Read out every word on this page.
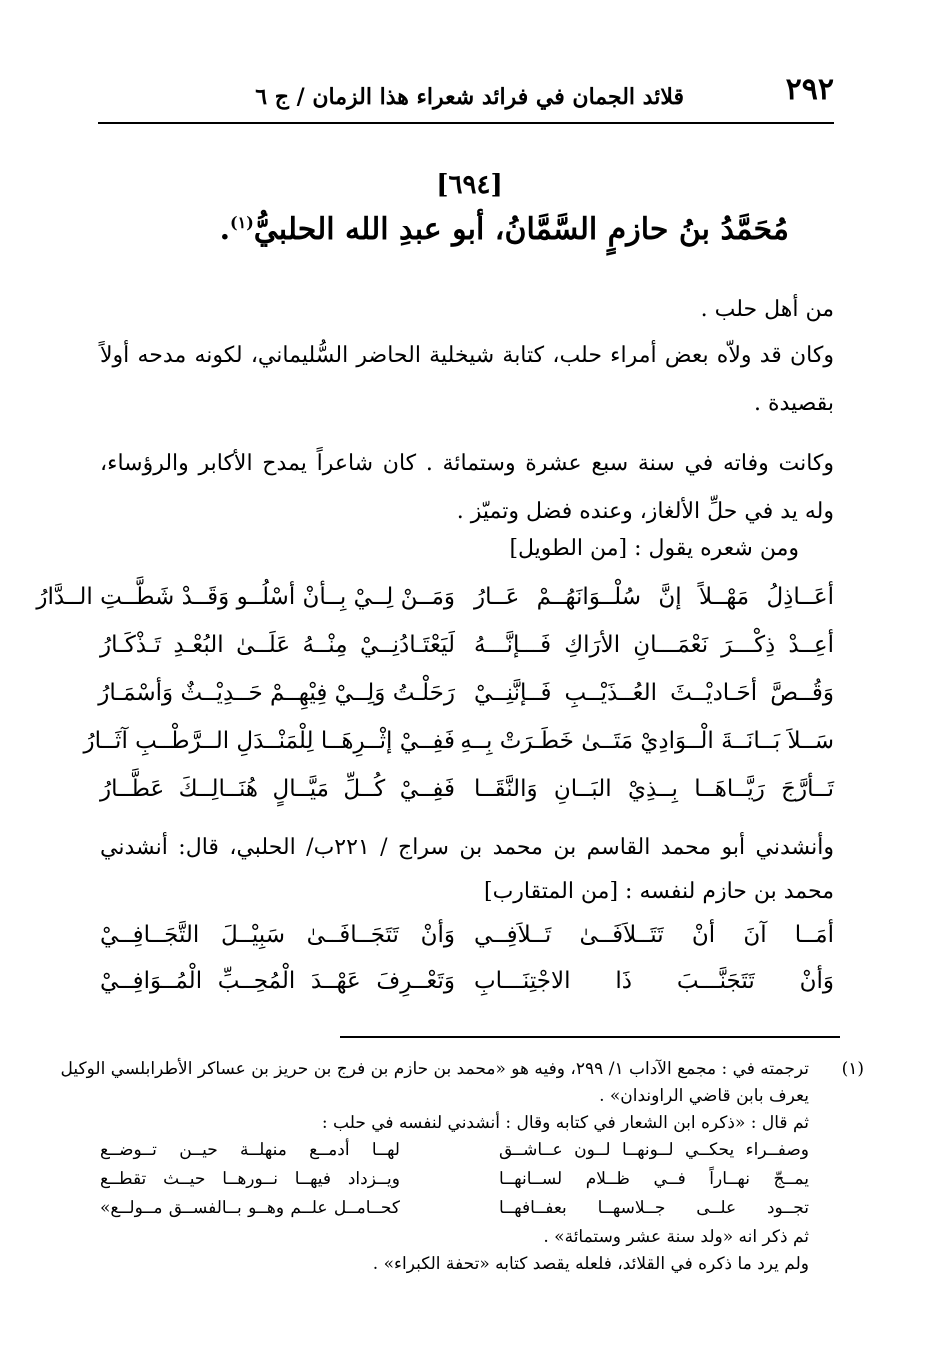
٢٩٢
قلائد الجمان في فرائد شعراء هذا الزمان / ج ٦
[٦٩٤]
مُحَمَّدُ بنُ حازمٍ السَّمَّانُ، أبو عبدِ الله الحلبيُّ$^{(١)}$.
من أهل حلب .
وكان قد ولاّه بعض أمراء حلب، كتابة شيخلية الحاضر السُّليماني، لكونه مدحه أولاً بقصيدة .
وكانت وفاته في سنة سبع عشرة وستمائة . كان شاعراً يمدح الأكابر والرؤساء، وله يد في حلِّ الألغاز، وعنده فضل وتميّز .
ومن شعره يقول : [من الطويل]
أعَــاذِلُ مَهْــلاً إنَّ سُلْــوَانَهُــمْ عَــارُ
وَمَــنْ لِــيْ بِــأنْ أسْلُــو وَقَــدْ شَطَّــتِ الــدَّارُ
أعِــدْ ذِكْـــرَ نَعْمَـــانِ الأرَاكِ فَـــإنَّـــهُ
لَيَعْتَـادُنِــيْ مِنْــهُ عَلَــىٰ البُعْـدِ تَـذْكَـارُ
وَقُــصَّ أحَـاديْــثَ العُــذَيْــبِ فَــإنَّنِــيْ
رَحَلْـتُ وَلِــيْ فِيْهِــمْ حَــدِيْــثٌ وَأسْمَـارُ
سَــلاَ بَــانَــةَ الْــوَادِيْ مَتَــىٰ خَطَـرَتْ بِــهِ
فَفِــيْ إثْــرِهَــا لِلْمَنْــدَلِ الــرَّطْــبِ آثَــارُ
تَــأرَّجَ رَيَّــاهَــا بِــذِيْ البَــانِ وَالنَّقَــا
فَفِــيْ كُــلِّ مَيَّــالٍ هُنَــالِــكَ عَطَّــارُ
وأنشدني أبو محمد القاسم بن محمد بن سراج / ٢٢١ب/ الحلبي، قال: أنشدني محمد بن حازم لنفسه : [من المتقارب]
أمَــا آنَ أنْ تَتَــلاَفَــىٰ تَــلاَفِــي
وَأنْ تَتَجَــافَــىٰ سَبِيْــلَ التَّجَــافِــيْ
وَأنْ تَتَجَنَّـــبَ ذَا الاجْتِنَـــابِ
وَتَعْــرِفَ عَهْــدَ الْمُحِــبِّ الْمُــوَافِــيْ
(١)
ترجمته في : مجمع الآداب ١/ ٢٩٩، وفيه هو «محمد بن حازم بن فرج بن حريز بن عساكر الأطرابلسي الوكيل
يعرف بابن قاضي الراوندان» .
ثم قال : «ذكره ابن الشعار في كتابه وقال : أنشدني لنفسه في حلب :
وصفــراء يحكــي لــونهــا لــون عــاشــق
لهــا أدمــع منهلــة حيــن تــوضــع
يمــجّ نهــاراً فــي ظــلام لســانهــا
ويــزداد فيهــا نــورهــا حيــث تقطــع
تجــود علــى جــلاسهــا بعفــافهــا
كحــامــل علــم وهــو بــالفســق مــولــع»
ثم ذكر انه «ولد سنة عشر وستمائة» .
ولم يرد ما ذكره في القلائد، فلعله يقصد كتابه «تحفة الكبراء» .
